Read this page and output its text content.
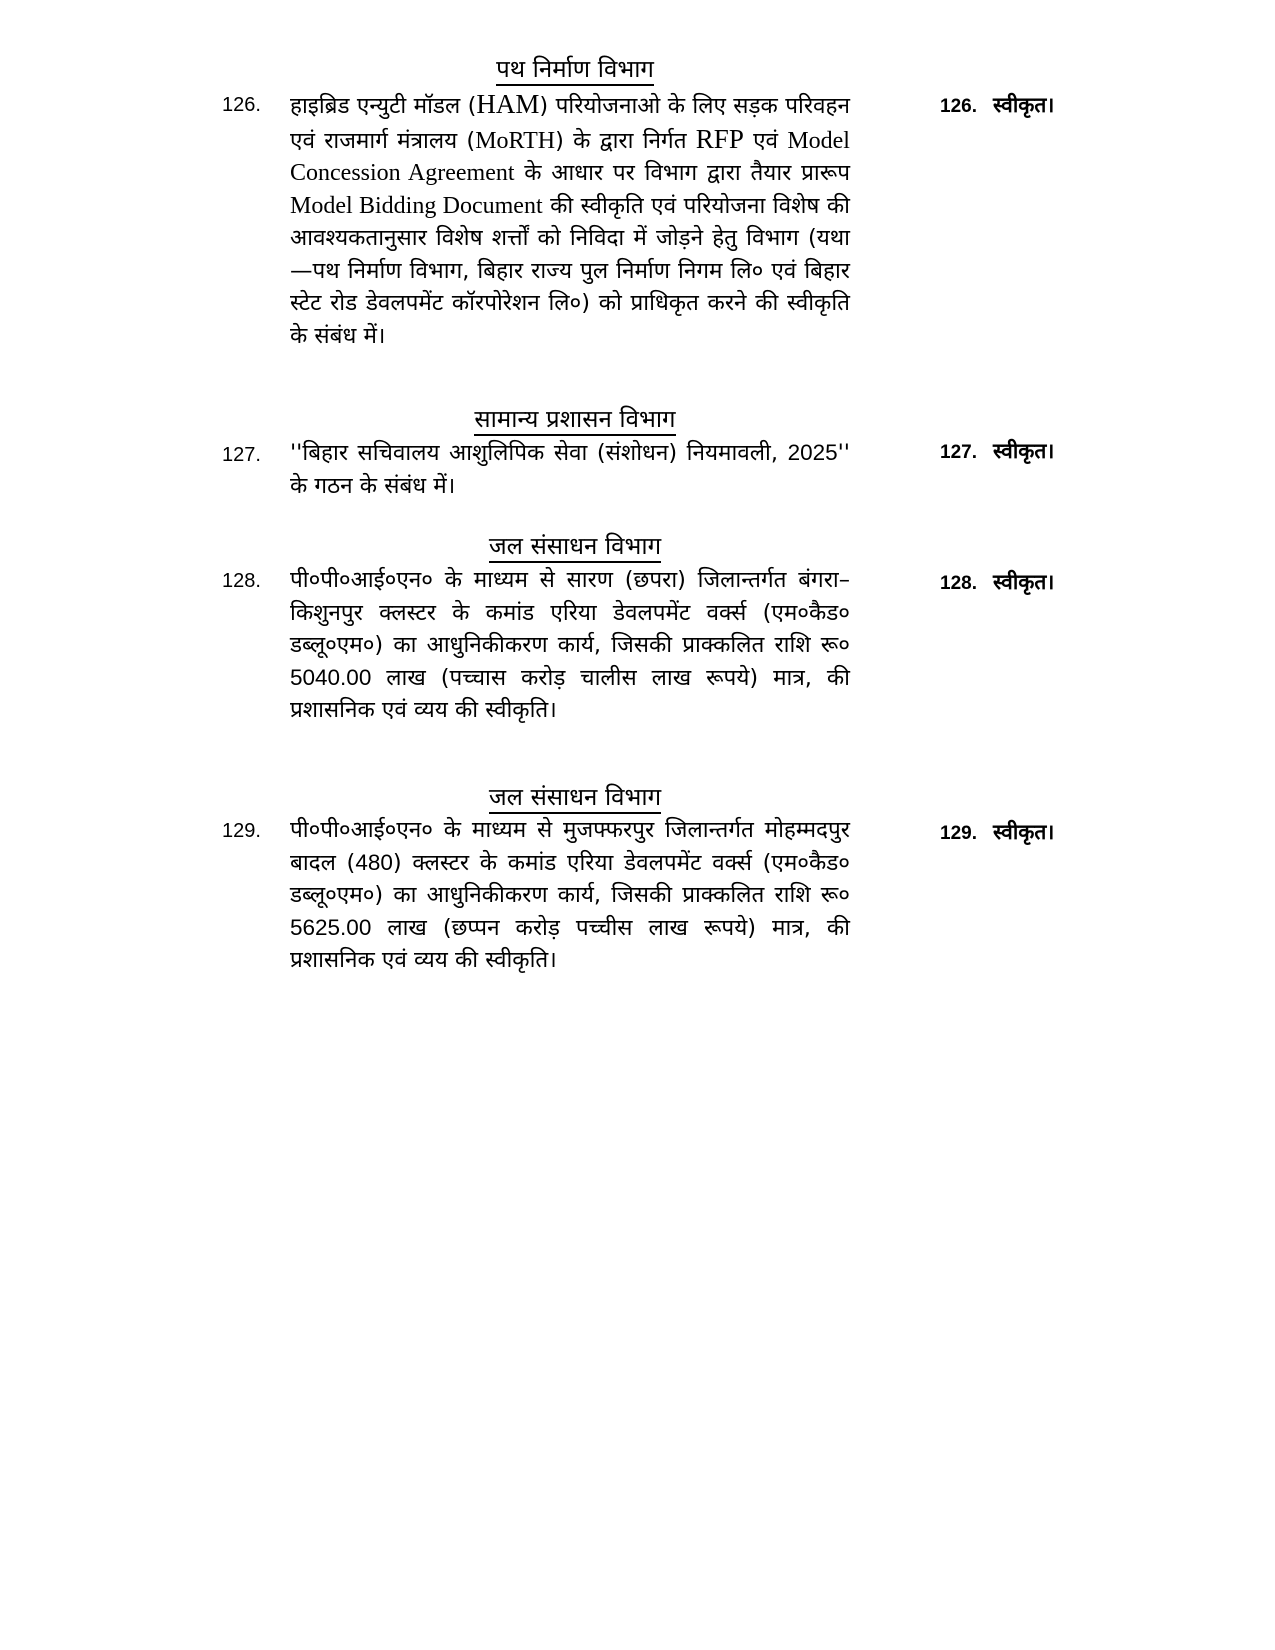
पथ निर्माण विभाग
126.	हाइब्रिड एन्युटी मॉडल (HAM) परियोजनाओ के लिए सड़क परिवहन एवं राजमार्ग मंत्रालय (MoRTH) के द्वारा निर्गत RFP एवं Model Concession Agreement के आधार पर विभाग द्वारा तैयार प्रारूप Model Bidding Document की स्वीकृति एवं परियोजना विशेष की आवश्यकतानुसार विशेष शर्त्तों को निविदा में जोड़ने हेतु विभाग (यथा—पथ निर्माण विभाग, बिहार राज्य पुल निर्माण निगम लि० एवं बिहार स्टेट रोड डेवलपमेंट कॉरपोरेशन लि०) को प्राधिकृत करने की स्वीकृति के संबंध में।

126. स्वीकृत।
सामान्य प्रशासन विभाग
127.	''बिहार सचिवालय आशुलिपिक सेवा (संशोधन) नियमावली, 2025'' के गठन के संबंध में।

127. स्वीकृत।
जल संसाधन विभाग
128.	पी०पी०आई०एन० के माध्यम से सारण (छपरा) जिलान्तर्गत बंगरा– किशुनपुर क्लस्टर के कमांड एरिया डेवलपमेंट वर्क्स (एम०कैड० डब्लू०एम०) का आधुनिकीकरण कार्य, जिसकी प्राक्कलित राशि रू० 5040.00 लाख (पच्चास करोड़ चालीस लाख रूपये) मात्र, की प्रशासनिक एवं व्यय की स्वीकृति।

128. स्वीकृत।
जल संसाधन विभाग
129.	पी०पी०आई०एन० के माध्यम से मुजफ्फरपुर जिलान्तर्गत मोहम्मदपुर बादल (480) क्लस्टर के कमांड एरिया डेवलपमेंट वर्क्स (एम०कैड० डब्लू०एम०) का आधुनिकीकरण कार्य, जिसकी प्राक्कलित राशि रू० 5625.00 लाख (छप्पन करोड़ पच्चीस लाख रूपये) मात्र, की प्रशासनिक एवं व्यय की स्वीकृति।

129. स्वीकृत।
